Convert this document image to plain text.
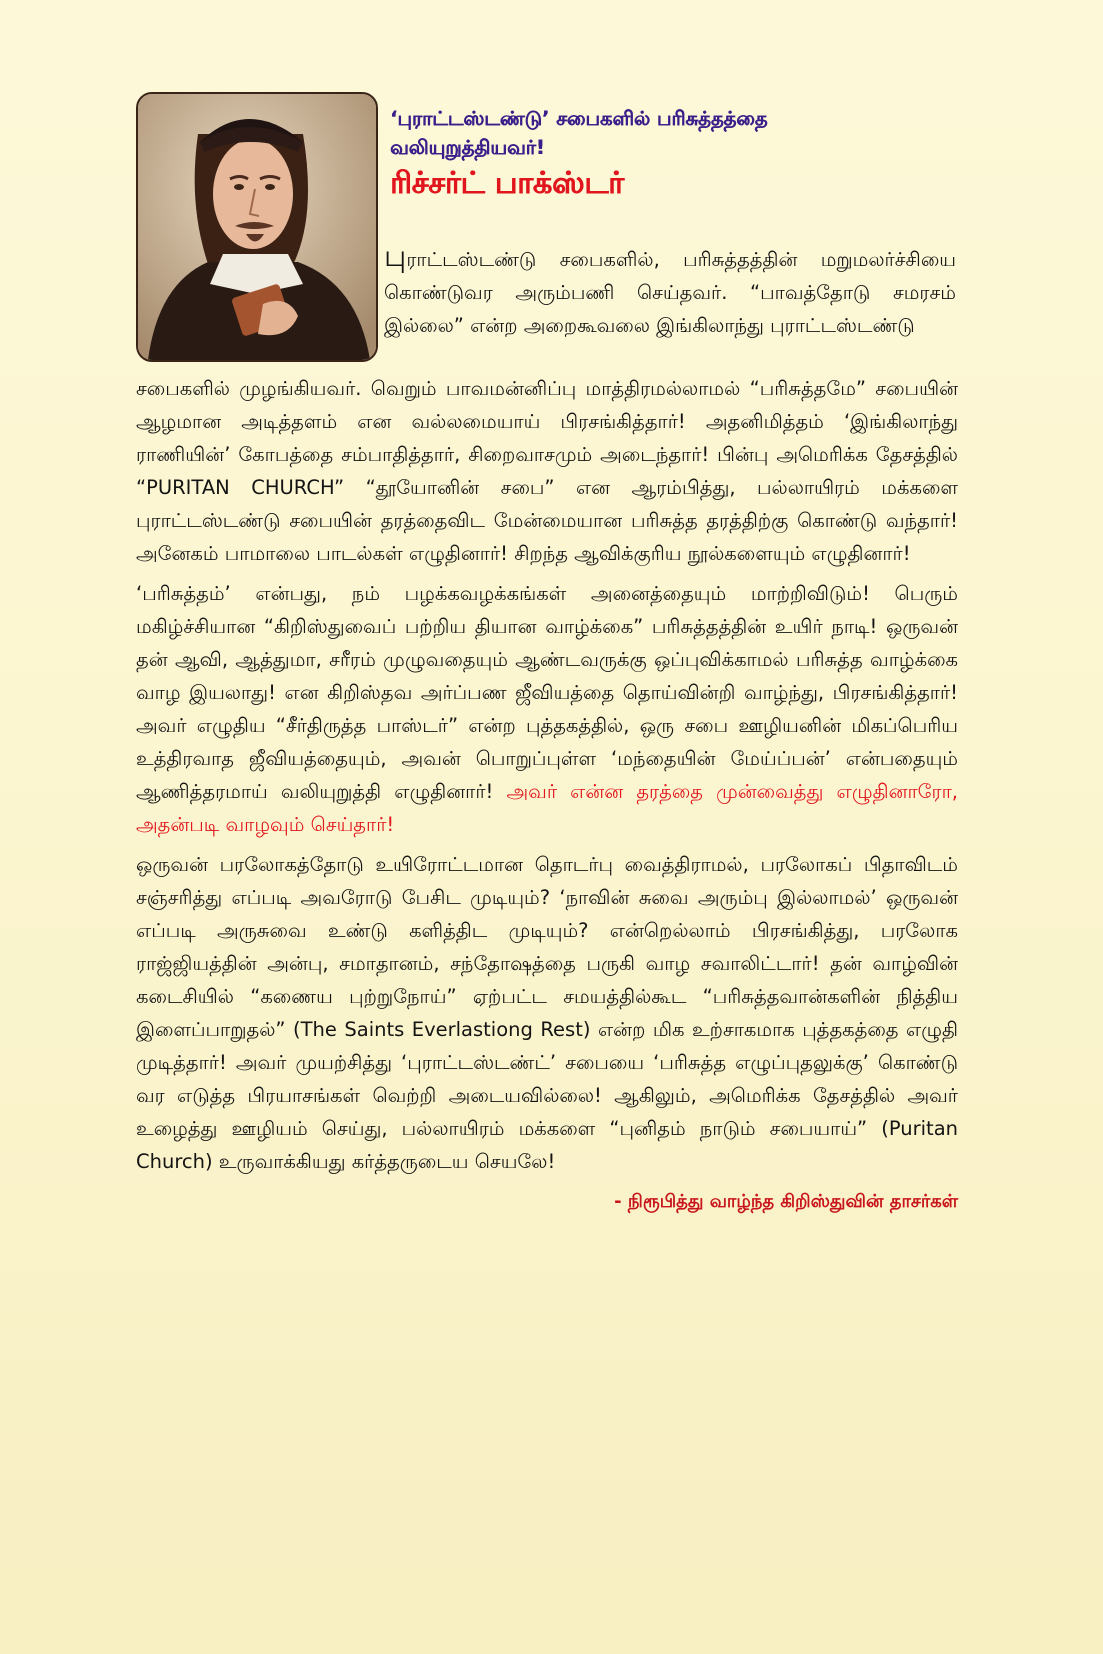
‘புராட்டஸ்டண்டு’ சபைகளில் பரிசுத்தத்தை
வலியுறுத்தியவர்!
ரிச்சர்ட் பாக்ஸ்டர்

புராட்டஸ்டண்டு சபைகளில், பரிசுத்தத்தின் மறுமலர்ச்சியை கொண்டுவர அரும்பணி செய்தவர். “பாவத்தோடு சமரசம் இல்லை” என்ற அறைகூவலை இங்கிலாந்து புராட்டஸ்டண்டு

சபைகளில் முழங்கியவர். வெறும் பாவமன்னிப்பு மாத்திரமல்லாமல் “பரிசுத்தமே” சபையின் ஆழமான அடித்தளம் என வல்லமையாய் பிரசங்கித்தார்! அதனிமித்தம் ‘இங்கிலாந்து ராணியின்’ கோபத்தை சம்பாதித்தார், சிறைவாசமும் அடைந்தார்! பின்பு அமெரிக்க தேசத்தில் “PURITAN CHURCH” “தூயோனின் சபை” என ஆரம்பித்து, பல்லாயிரம் மக்களை புராட்டஸ்டண்டு சபையின் தரத்தைவிட மேன்மையான பரிசுத்த தரத்திற்கு கொண்டு வந்தார்! அனேகம் பாமாலை பாடல்கள் எழுதினார்! சிறந்த ஆவிக்குரிய நூல்களையும் எழுதினார்!

‘பரிசுத்தம்’ என்பது, நம் பழக்கவழக்கங்கள் அனைத்தையும் மாற்றிவிடும்! பெரும் மகிழ்ச்சியான “கிறிஸ்துவைப் பற்றிய தியான வாழ்க்கை” பரிசுத்தத்தின் உயிர் நாடி! ஒருவன் தன் ஆவி, ஆத்துமா, சரீரம் முழுவதையும் ஆண்டவருக்கு ஒப்புவிக்காமல் பரிசுத்த வாழ்க்கை வாழ இயலாது! என கிறிஸ்தவ அர்ப்பண ஜீவியத்தை தொய்வின்றி வாழ்ந்து, பிரசங்கித்தார்! அவர் எழுதிய “சீர்திருத்த பாஸ்டர்” என்ற புத்தகத்தில், ஒரு சபை ஊழியனின் மிகப்பெரிய உத்திரவாத ஜீவியத்தையும், அவன் பொறுப்புள்ள ‘மந்தையின் மேய்ப்பன்’ என்பதையும் ஆணித்தரமாய் வலியுறுத்தி எழுதினார்! அவர் என்ன தரத்தை முன்வைத்து எழுதினாரோ, அதன்படி வாழவும் செய்தார்!

ஒருவன் பரலோகத்தோடு உயிரோட்டமான தொடர்பு வைத்திராமல், பரலோகப் பிதாவிடம் சஞ்சரித்து எப்படி அவரோடு பேசிட முடியும்? ‘நாவின் சுவை அரும்பு இல்லாமல்’ ஒருவன் எப்படி அருசுவை உண்டு களித்திட முடியும்? என்றெல்லாம் பிரசங்கித்து, பரலோக ராஜ்ஜியத்தின் அன்பு, சமாதானம், சந்தோஷத்தை பருகி வாழ சவாலிட்டார்! தன் வாழ்வின் கடைசியில் “கணைய புற்றுநோய்” ஏற்பட்ட சமயத்தில்கூட “பரிசுத்தவான்களின் நித்திய இளைப்பாறுதல்” (The Saints Everlastiong Rest) என்ற மிக உற்சாகமாக புத்தகத்தை எழுதி முடித்தார்! அவர் முயற்சித்து ‘புராட்டஸ்டண்ட்’ சபையை ‘பரிசுத்த எழுப்புதலுக்கு’ கொண்டு வர எடுத்த பிரயாசங்கள் வெற்றி அடையவில்லை! ஆகிலும், அமெரிக்க தேசத்தில் அவர் உழைத்து ஊழியம் செய்து, பல்லாயிரம் மக்களை “புனிதம் நாடும் சபையாய்” (Puritan Church) உருவாக்கியது கர்த்தருடைய செயலே!

- நிரூபித்து வாழ்ந்த கிறிஸ்துவின் தாசர்கள்
